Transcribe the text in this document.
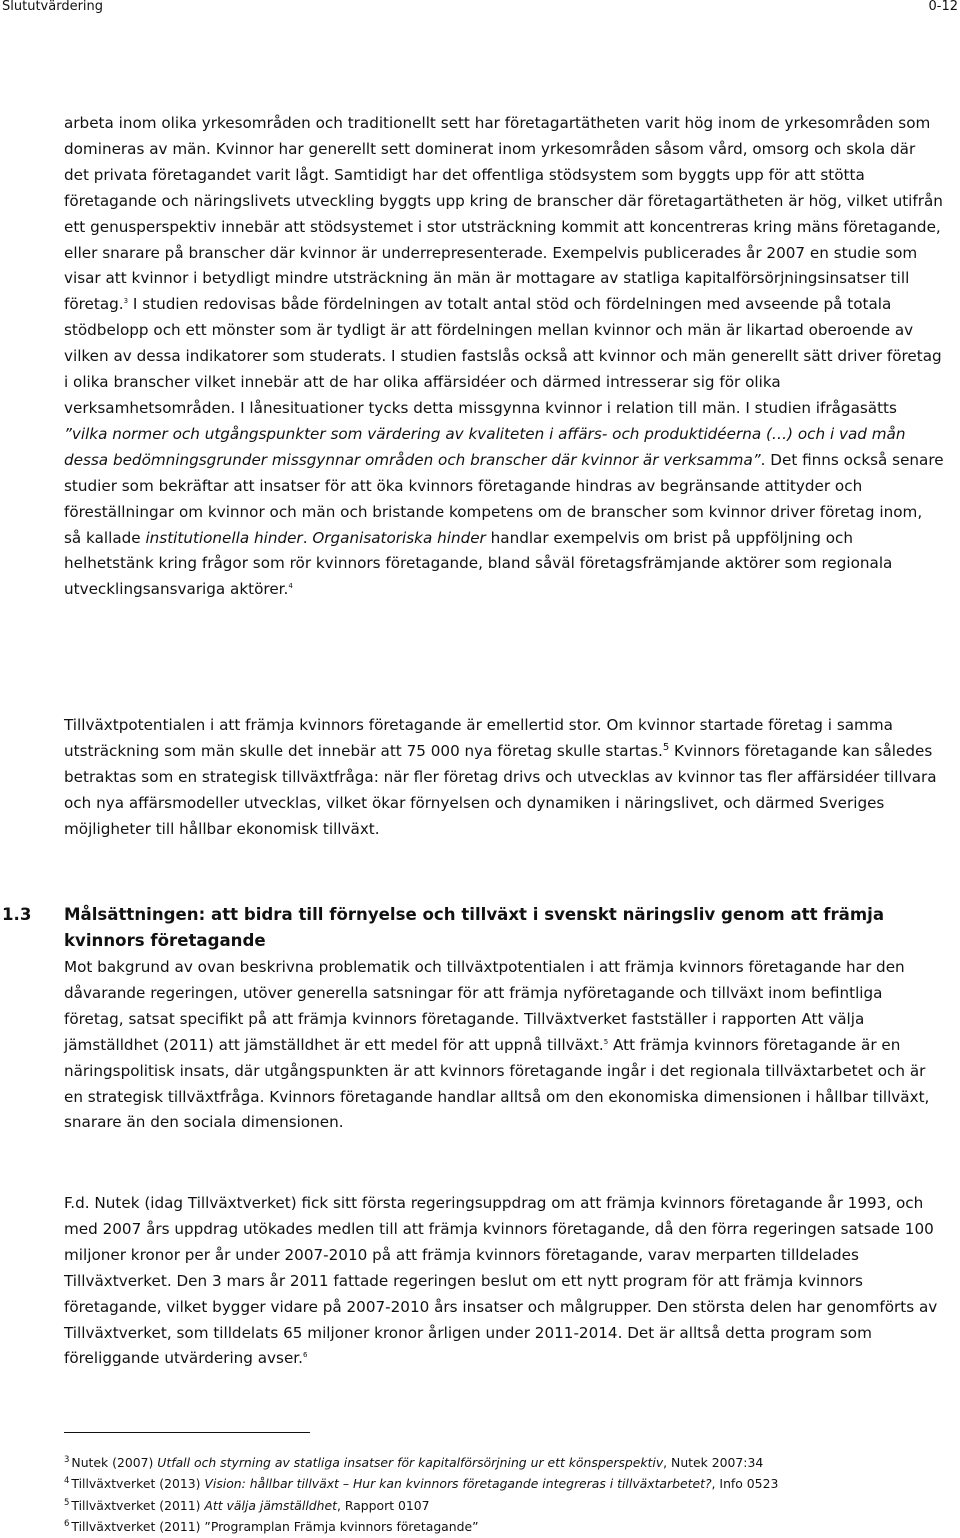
Slututvärdering	0-12

arbeta inom olika yrkesområden och traditionellt sett har företagartätheten varit hög inom de yrkesområden som domineras av män. Kvinnor har generellt sett dominerat inom yrkesområden såsom vård, omsorg och skola där det privata företagandet varit lågt. Samtidigt har det offentliga stödsystem som byggts upp för att stötta företagande och näringslivets utveckling byggts upp kring de branscher där företagartätheten är hög, vilket utifrån ett genusperspektiv innebär att stödsystemet i stor utsträckning kommit att koncentreras kring mäns företagande, eller snarare på branscher där kvinnor är underrepresenterade. Exempelvis publicerades år 2007 en studie som visar att kvinnor i betydligt mindre utsträckning än män är mottagare av statliga kapitalförsörjningsinsatser till företag.$^3$ I studien redovisas både fördelningen av totalt antal stöd och fördelningen med avseende på totala stödbelopp och ett mönster som är tydligt är att fördelningen mellan kvinnor och män är likartad oberoende av vilken av dessa indikatorer som studerats. I studien fastslås också att kvinnor och män generellt sätt driver företag i olika branscher vilket innebär att de har olika affärsidéer och därmed intresserar sig för olika verksamhetsområden. I lånesituationer tycks detta missgynna kvinnor i relation till män. I studien ifrågasätts ”vilka normer och utgångspunkter som värdering av kvaliteten i affärs- och produktidéerna (…) och i vad mån dessa bedömningsgrunder missgynnar områden och branscher där kvinnor är verksamma”. Det finns också senare studier som bekräftar att insatser för att öka kvinnors företagande hindras av begränsande attityder och föreställningar om kvinnor och män och bristande kompetens om de branscher som kvinnor driver företag inom, så kallade institutionella hinder. Organisatoriska hinder handlar exempelvis om brist på uppföljning och helhetstänk kring frågor som rör kvinnors företagande, bland såväl företagsfrämjande aktörer som regionala utvecklingsansvariga aktörer.$^4$

Tillväxtpotentialen i att främja kvinnors företagande är emellertid stor. Om kvinnor startade företag i samma utsträckning som män skulle det innebär att 75 000 nya företag skulle startas.$^5$ Kvinnors företagande kan således betraktas som en strategisk tillväxtfråga: när fler företag drivs och utvecklas av kvinnor tas fler affärsidéer tillvara och nya affärsmodeller utvecklas, vilket ökar förnyelsen och dynamiken i näringslivet, och därmed Sveriges möjligheter till hållbar ekonomisk tillväxt.

1.3 Målsättningen: att bidra till förnyelse och tillväxt i svenskt näringsliv genom att främja kvinnors företagande

Mot bakgrund av ovan beskrivna problematik och tillväxtpotentialen i att främja kvinnors företagande har den dåvarande regeringen, utöver generella satsningar för att främja nyföretagande och tillväxt inom befintliga företag, satsat specifikt på att främja kvinnors företagande. Tillväxtverket fastställer i rapporten Att välja jämställdhet (2011) att jämställdhet är ett medel för att uppnå tillväxt.$^5$ Att främja kvinnors företagande är en näringspolitisk insats, där utgångspunkten är att kvinnors företagande ingår i det regionala tillväxtarbetet och är en strategisk tillväxtfråga. Kvinnors företagande handlar alltså om den ekonomiska dimensionen i hållbar tillväxt, snarare än den sociala dimensionen.

F.d. Nutek (idag Tillväxtverket) fick sitt första regeringsuppdrag om att främja kvinnors företagande år 1993, och med 2007 års uppdrag utökades medlen till att främja kvinnors företagande, då den förra regeringen satsade 100 miljoner kronor per år under 2007-2010 på att främja kvinnors företagande, varav merparten tilldelades Tillväxtverket. Den 3 mars år 2011 fattade regeringen beslut om ett nytt program för att främja kvinnors företagande, vilket bygger vidare på 2007-2010 års insatser och målgrupper. Den största delen har genomförts av Tillväxtverket, som tilldelats 65 miljoner kronor årligen under 2011-2014. Det är alltså detta program som föreliggande utvärdering avser.$^6$

$^3$ Nutek (2007) Utfall och styrning av statliga insatser för kapitalförsörjning ur ett könsperspektiv, Nutek 2007:34
$^4$ Tillväxtverket (2013) Vision: hållbar tillväxt – Hur kan kvinnors företagande integreras i tillväxtarbetet?, Info 0523
$^5$ Tillväxtverket (2011) Att välja jämställdhet, Rapport 0107
$^6$ Tillväxtverket (2011) ”Programplan Främja kvinnors företagande”
